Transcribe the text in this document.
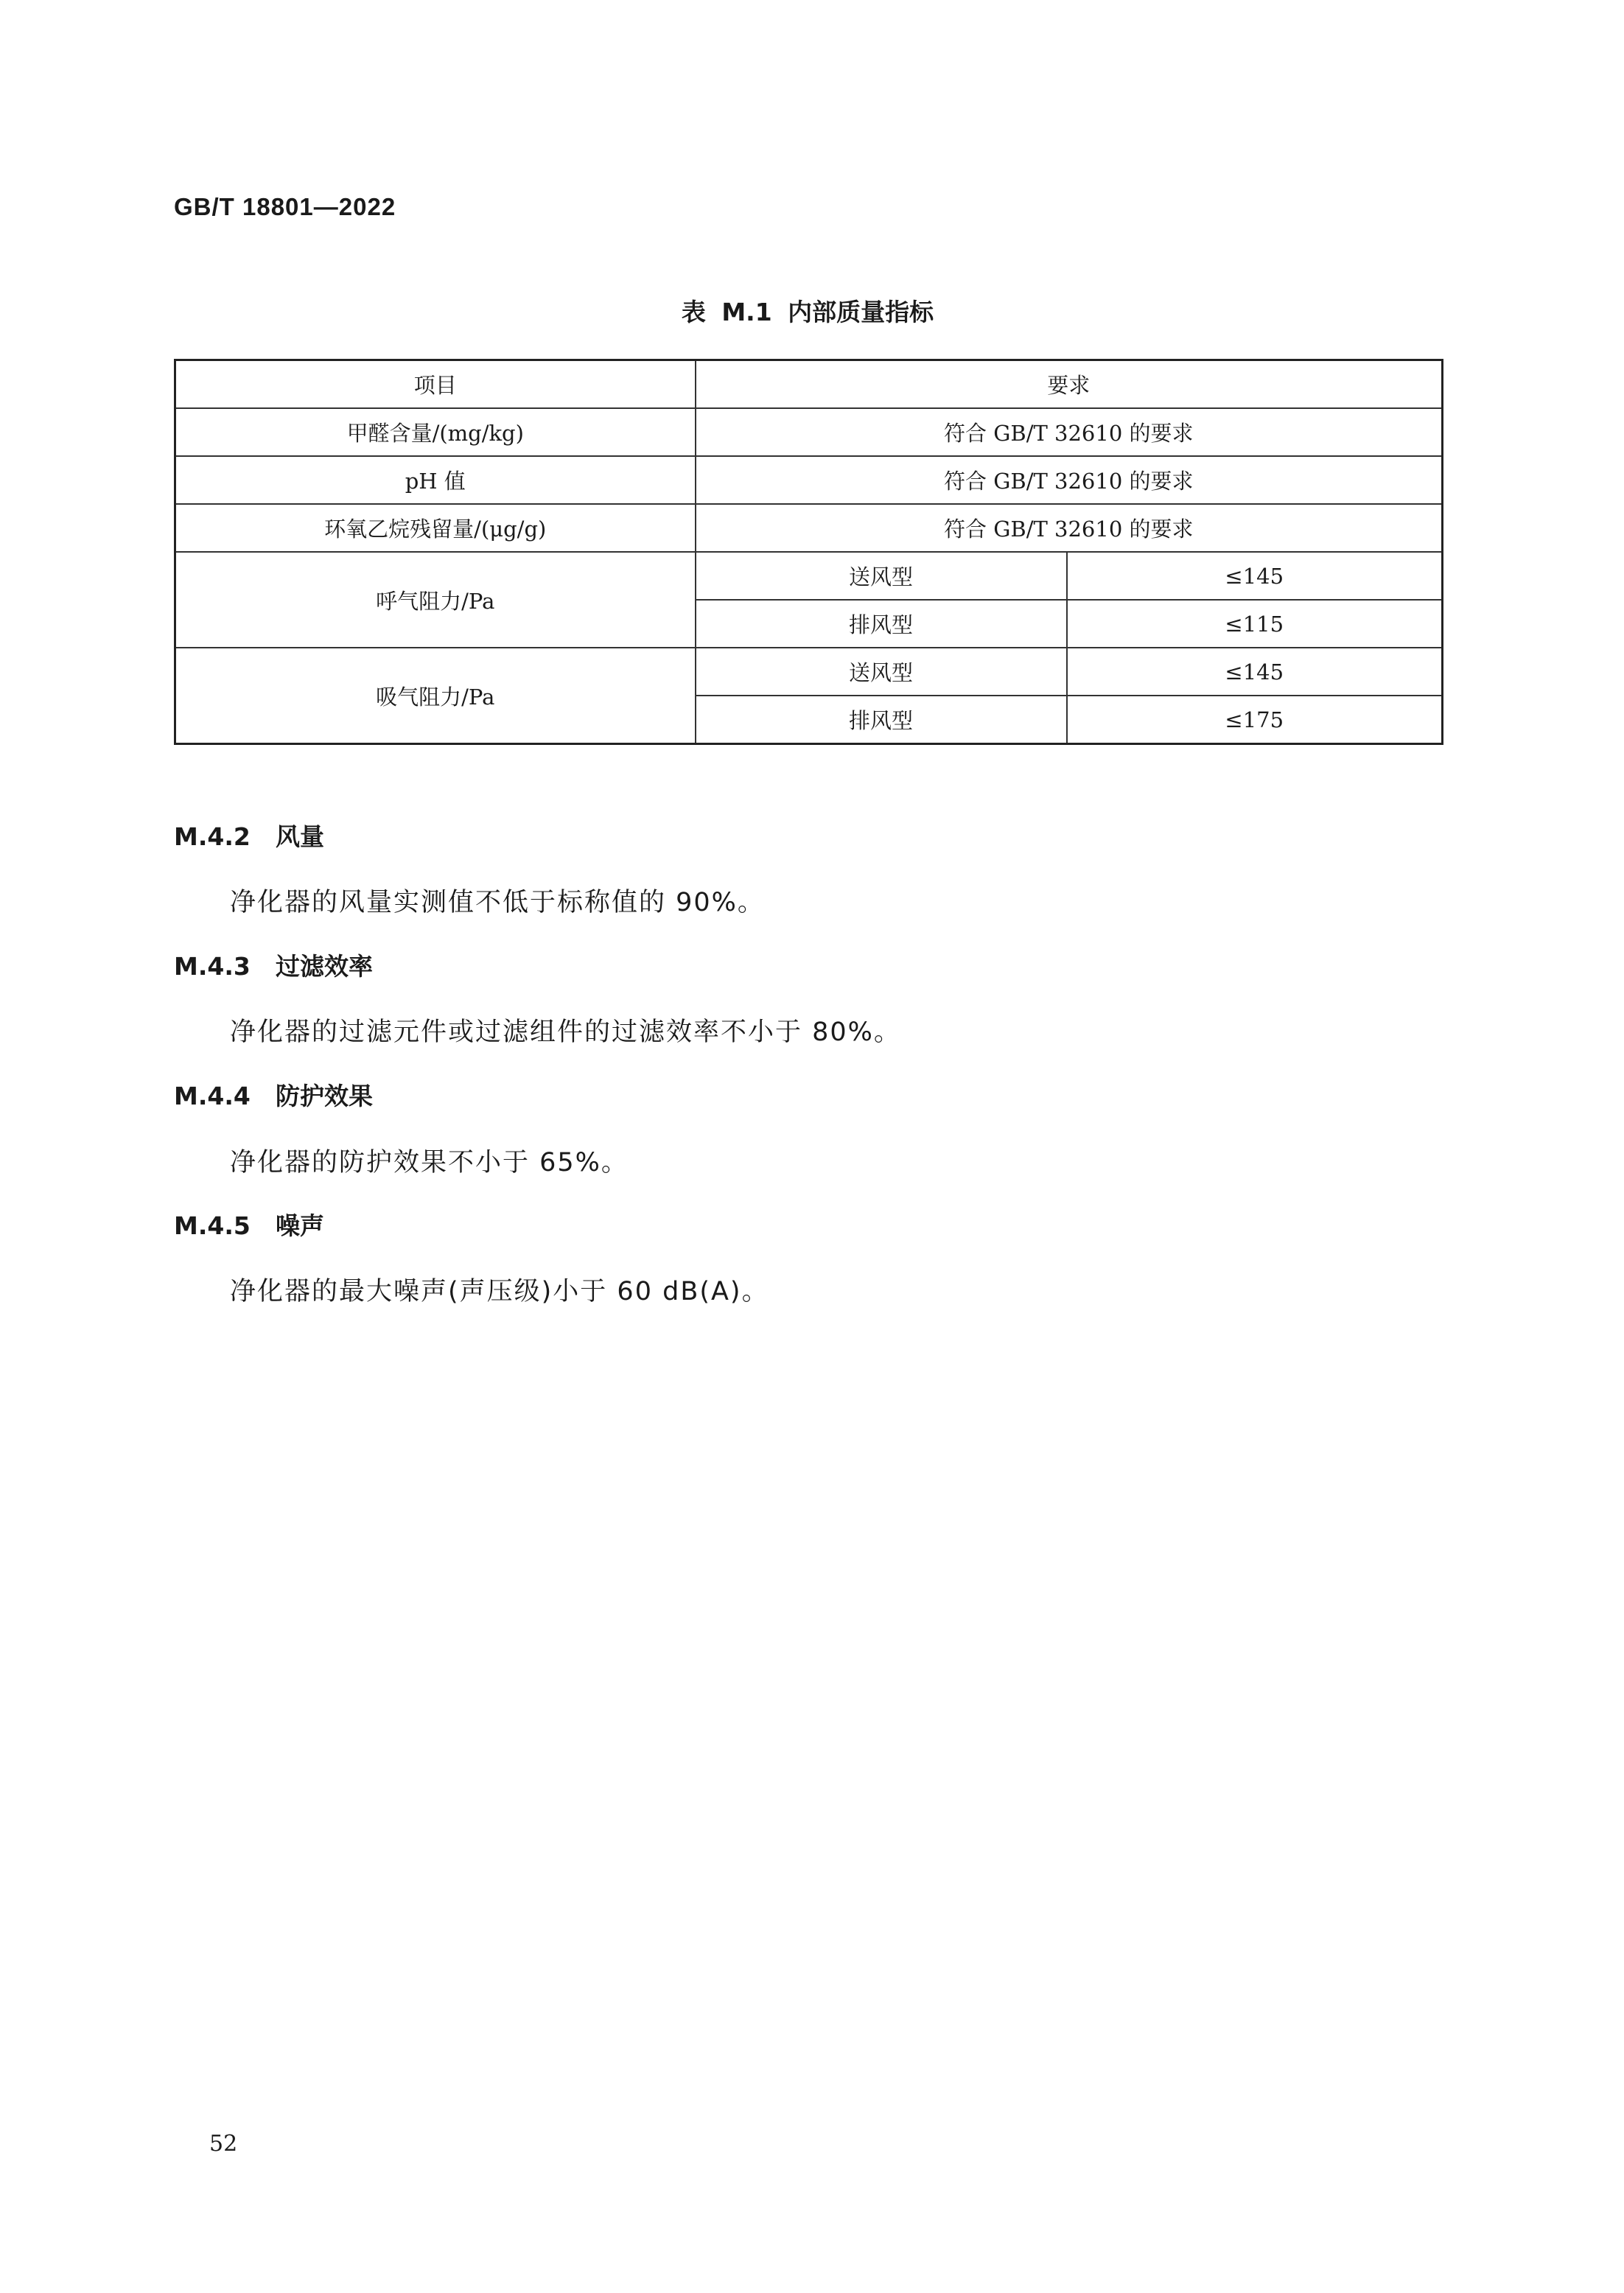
GB/T 18801—2022
表 M.1 内部质量指标
项目	要求	
甲醛含量/(mg/kg)	符合 GB/T 32610 的要求	
pH 值	符合 GB/T 32610 的要求	
环氧乙烷残留量/(μg/g)	符合 GB/T 32610 的要求	
呼气阻力/Pa	送风型	≤145
	排风型	≤115
吸气阻力/Pa	送风型	≤145
	排风型	≤175
M.4.2 风量
净化器的风量实测值不低于标称值的 90%。
M.4.3 过滤效率
净化器的过滤元件或过滤组件的过滤效率不小于 80%。
M.4.4 防护效果
净化器的防护效果不小于 65%。
M.4.5 噪声
净化器的最大噪声(声压级)小于 60 dB(A)。
52
